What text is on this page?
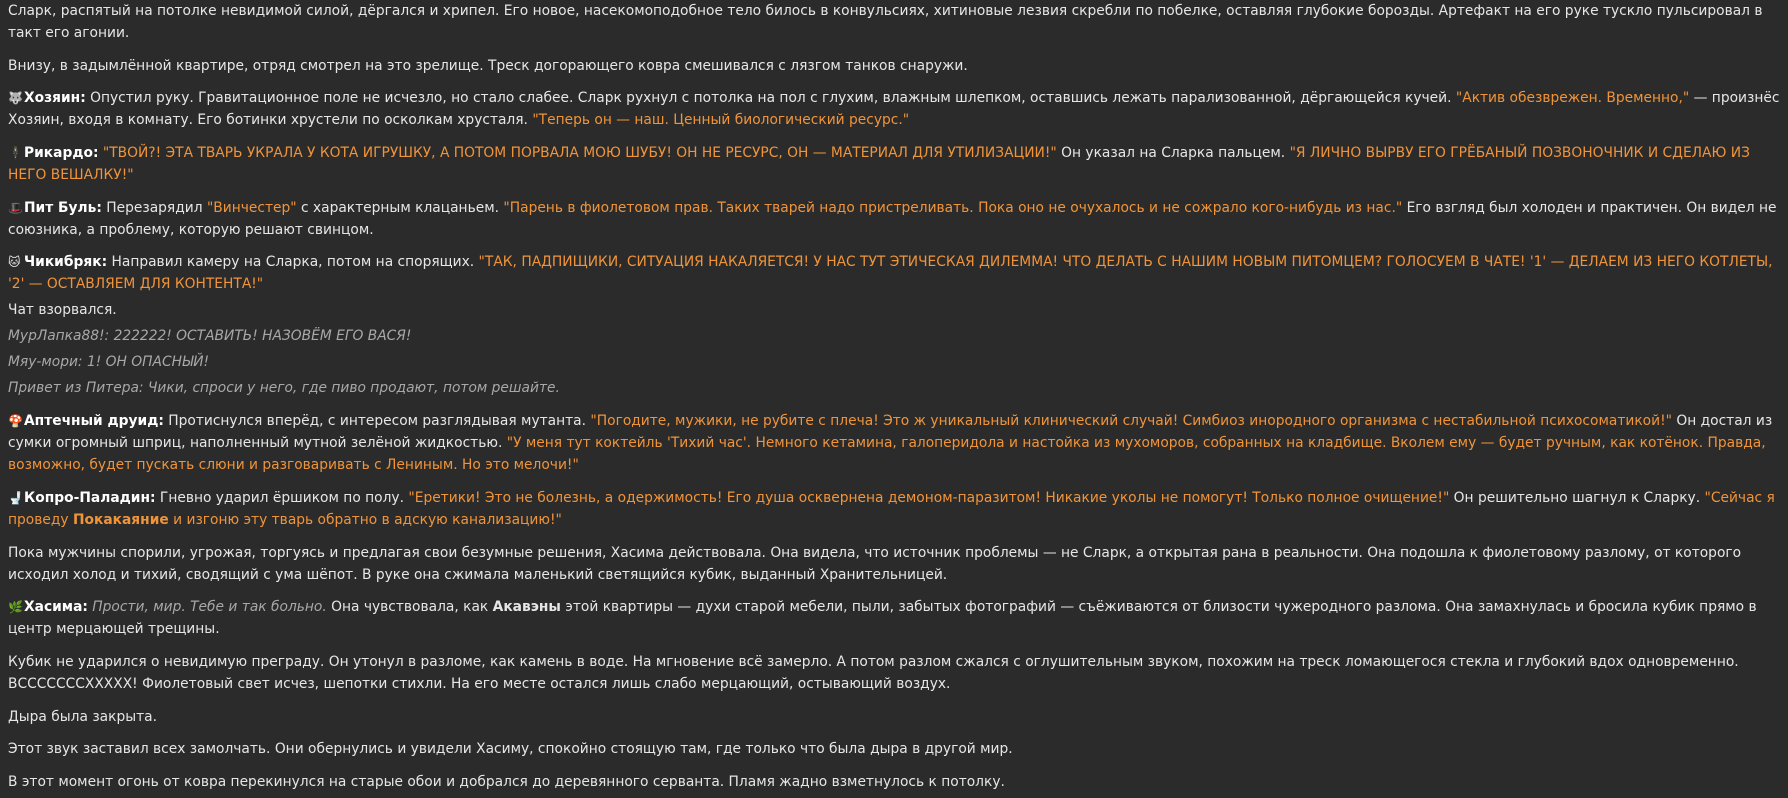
Сларк, распятый на потолке невидимой силой, дёргался и хрипел. Его новое, насекомоподобное тело билось в конвульсиях, хитиновые лезвия скребли по побелке, оставляя глубокие борозды. Артефакт на его руке тускло пульсировал в такт его агонии.

Внизу, в задымлённой квартире, отряд смотрел на это зрелище. Треск догорающего ковра смешивался с лязгом танков снаружи.

🐺Хозяин: Опустил руку. Гравитационное поле не исчезло, но стало слабее. Сларк рухнул с потолка на пол с глухим, влажным шлепком, оставшись лежать парализованной, дёргающейся кучей. "Актив обезврежен. Временно," — произнёс Хозяин, входя в комнату. Его ботинки хрустели по осколкам хрусталя. "Теперь он — наш. Ценный биологический ресурс."

🕴Рикардо: "ТВОЙ?! ЭТА ТВАРЬ УКРАЛА У КОТА ИГРУШКУ, А ПОТОМ ПОРВАЛА МОЮ ШУБУ! ОН НЕ РЕСУРС, ОН — МАТЕРИАЛ ДЛЯ УТИЛИЗАЦИИ!" Он указал на Сларка пальцем. "Я ЛИЧНО ВЫРВУ ЕГО ГРЁБАНЫЙ ПОЗВОНОЧНИК И СДЕЛАЮ ИЗ НЕГО ВЕШАЛКУ!"

🎩Пит Буль: Перезарядил "Винчестер" с характерным клацаньем. "Парень в фиолетовом прав. Таких тварей надо пристреливать. Пока оно не очухалось и не сожрало кого-нибудь из нас." Его взгляд был холоден и практичен. Он видел не союзника, а проблему, которую решают свинцом.

🐱 Чикибряк: Направил камеру на Сларка, потом на спорящих. "ТАК, ПАДПИЩИКИ, СИТУАЦИЯ НАКАЛЯЕТСЯ! У НАС ТУТ ЭТИЧЕСКАЯ ДИЛЕММА! ЧТО ДЕЛАТЬ С НАШИМ НОВЫМ ПИТОМЦЕМ? ГОЛОСУЕМ В ЧАТЕ! '1' — ДЕЛАЕМ ИЗ НЕГО КОТЛЕТЫ, '2' — ОСТАВЛЯЕМ ДЛЯ КОНТЕНТА!"

Чат взорвался.

МурЛапка88!: 222222! ОСТАВИТЬ! НАЗОВЁМ ЕГО ВАСЯ!

Мяу-мори: 1! ОН ОПАСНЫЙ!

Привет из Питера: Чики, спроси у него, где пиво продают, потом решайте.

🍄Аптечный друид: Протиснулся вперёд, с интересом разглядывая мутанта. "Погодите, мужики, не рубите с плеча! Это ж уникальный клинический случай! Симбиоз инородного организма с нестабильной психосоматикой!" Он достал из сумки огромный шприц, наполненный мутной зелёной жидкостью. "У меня тут коктейль 'Тихий час'. Немного кетамина, галоперидола и настойка из мухоморов, собранных на кладбище. Вколем ему — будет ручным, как котёнок. Правда, возможно, будет пускать слюни и разговаривать с Лениным. Но это мелочи!"

🚽Копро-Паладин: Гневно ударил ёршиком по полу. "Еретики! Это не болезнь, а одержимость! Его душа осквернена демоном-паразитом! Никакие уколы не помогут! Только полное очищение!" Он решительно шагнул к Сларку. "Сейчас я проведу Покакаяние и изгоню эту тварь обратно в адскую канализацию!"

Пока мужчины спорили, угрожая, торгуясь и предлагая свои безумные решения, Хасима действовала. Она видела, что источник проблемы — не Сларк, а открытая рана в реальности. Она подошла к фиолетовому разлому, от которого исходил холод и тихий, сводящий с ума шёпот. В руке она сжимала маленький светящийся кубик, выданный Хранительницей.

🌿Хасима: Прости, мир. Тебе и так больно. Она чувствовала, как Акавэны этой квартиры — духи старой мебели, пыли, забытых фотографий — съёживаются от близости чужеродного разлома. Она замахнулась и бросила кубик прямо в центр мерцающей трещины.

Кубик не ударился о невидимую преграду. Он утонул в разломе, как камень в воде. На мгновение всё замерло. А потом разлом сжался с оглушительным звуком, похожим на треск ломающегося стекла и глубокий вдох одновременно. ВССССССCXXXXX! Фиолетовый свет исчез, шепотки стихли. На его месте остался лишь слабо мерцающий, остывающий воздух.

Дыра была закрыта.

Этот звук заставил всех замолчать. Они обернулись и увидели Хасиму, спокойно стоящую там, где только что была дыра в другой мир.

В этот момент огонь от ковра перекинулся на старые обои и добрался до деревянного серванта. Пламя жадно взметнулось к потолку.
